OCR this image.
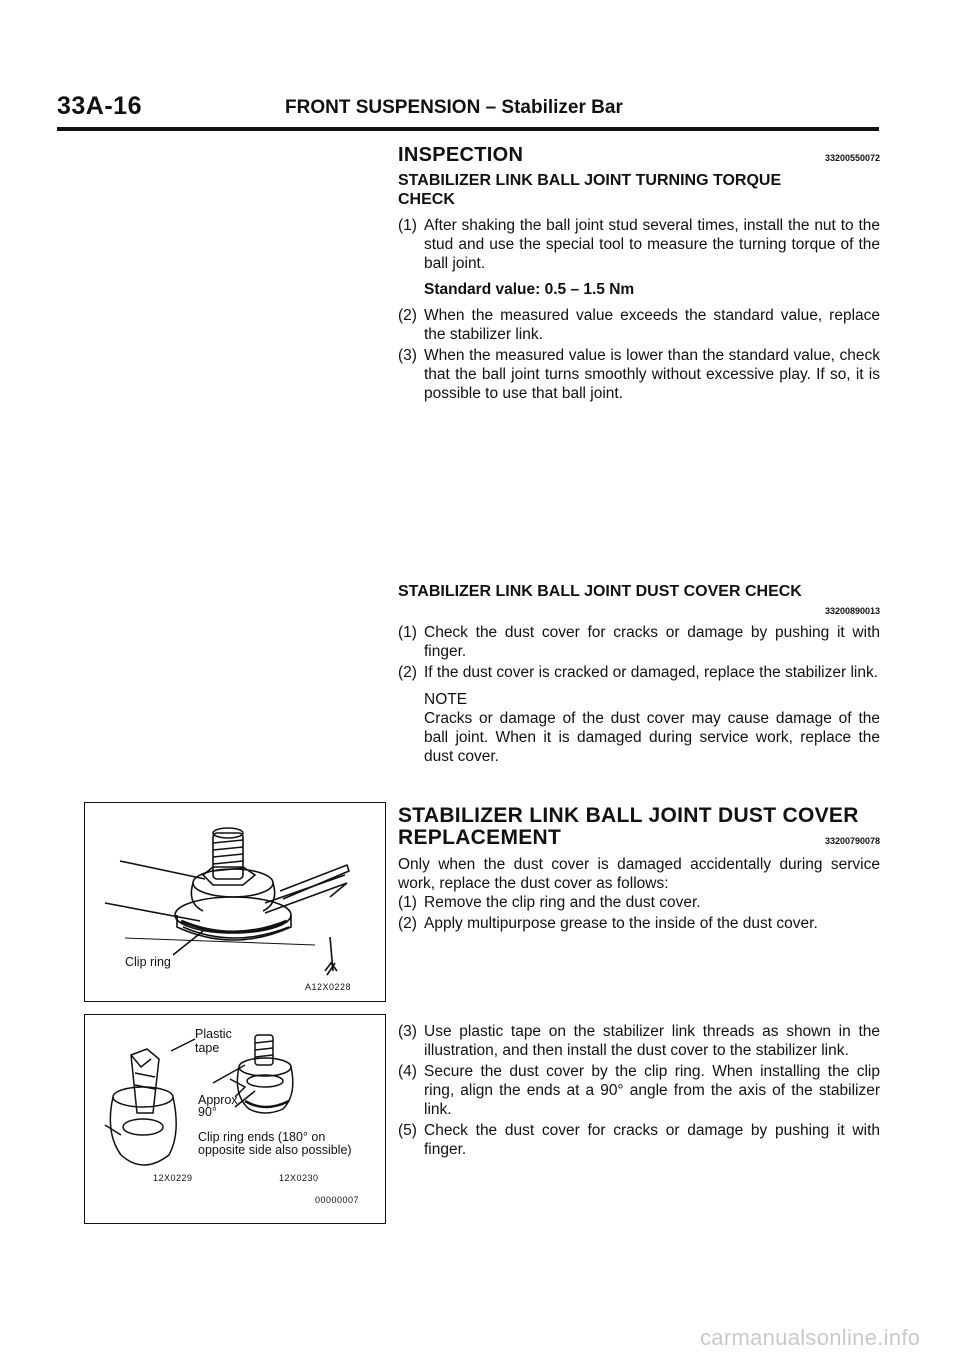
33A-16	FRONT SUSPENSION – Stabilizer Bar
INSPECTION	33200550072
STABILIZER LINK BALL JOINT TURNING TORQUE CHECK
(1) After shaking the ball joint stud several times, install the nut to the stud and use the special tool to measure the turning torque of the ball joint.
Standard value: 0.5 – 1.5 Nm
(2) When the measured value exceeds the standard value, replace the stabilizer link.
(3) When the measured value is lower than the standard value, check that the ball joint turns smoothly without excessive play. If so, it is possible to use that ball joint.
STABILIZER LINK BALL JOINT DUST COVER CHECK
33200890013
(1) Check the dust cover for cracks or damage by pushing it with finger.
(2) If the dust cover is cracked or damaged, replace the stabilizer link.
NOTE
Cracks or damage of the dust cover may cause damage of the ball joint. When it is damaged during service work, replace the dust cover.
STABILIZER LINK BALL JOINT DUST COVER
REPLACEMENT	33200790078
Only when the dust cover is damaged accidentally during service work, replace the dust cover as follows:
(1) Remove the clip ring and the dust cover.
(2) Apply multipurpose grease to the inside of the dust cover.
(3) Use plastic tape on the stabilizer link threads as shown in the illustration, and then install the dust cover to the stabilizer link.
(4) Secure the dust cover by the clip ring. When installing the clip ring, align the ends at a 90° angle from the axis of the stabilizer link.
(5) Check the dust cover for cracks or damage by pushing it with finger.
Clip ring
A12X0228
Plastic
tape
Approx.
90°
Clip ring ends (180° on
opposite side also possible)
12X0229	12X0230
00000007
carmanualsonline.info
